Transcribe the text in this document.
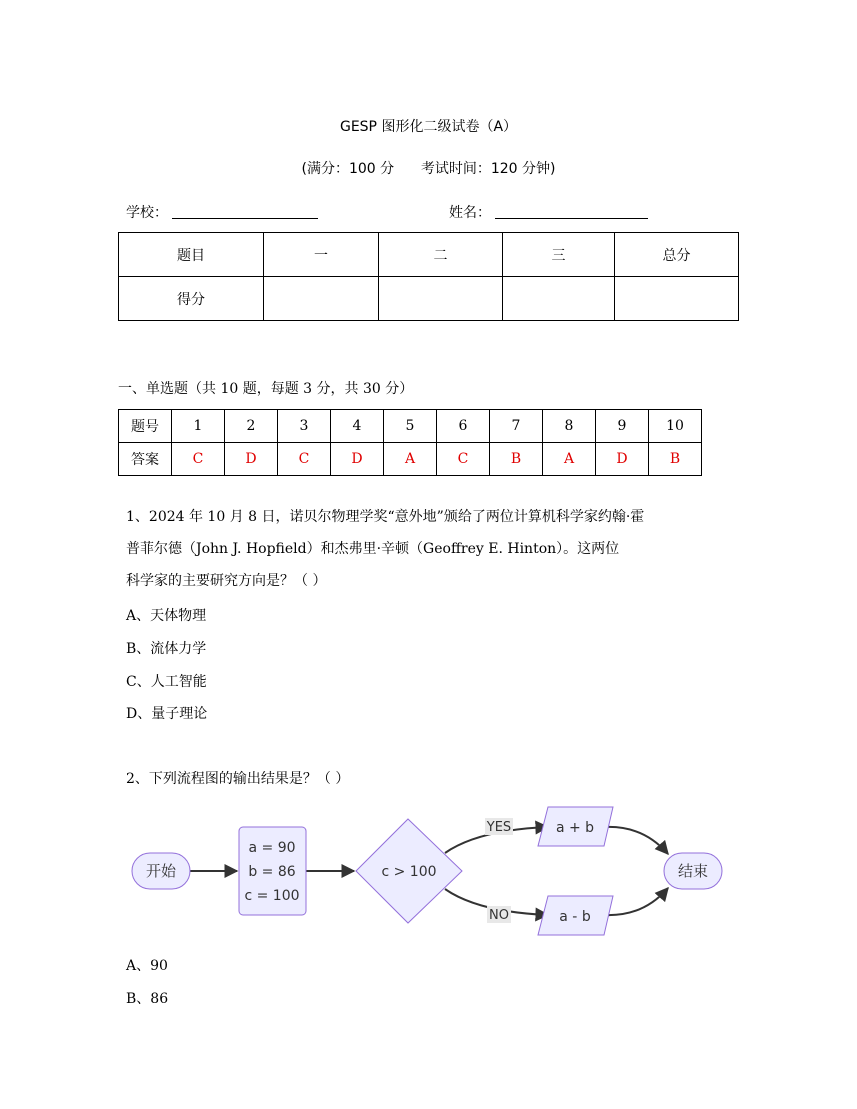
GESP 图形化二级试卷（A）
(满分：100 分      考试时间：120 分钟)
学校：	姓名：
题目	一	二	三	总分
得分				
一、单选题（共 10 题，每题 3 分，共 30 分）
题号	1	2	3	4	5	6	7	8	9	10
答案	C	D	C	D	A	C	B	A	D	B
1、2024 年 10 月 8 日，诺贝尔物理学奖“意外地”颁给了两位计算机科学家约翰·霍
普菲尔德（John J. Hopfield）和杰弗里·辛顿（Geoffrey E. Hinton）。这两位
科学家的主要研究方向是？（ ）
A、天体物理
B、流体力学
C、人工智能
D、量子理论
2、下列流程图的输出结果是？（ ）
YES
NO
开始
a = 90
b = 86
c = 100
c > 100
a + b
a - b
结束
A、90
B、86
